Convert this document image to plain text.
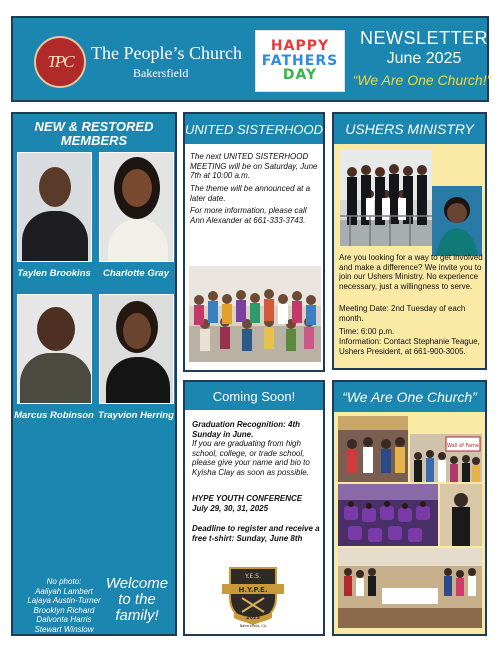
TPC The People’s Church
Bakersfield
HAPPY
FATHERS
DAY
NEWSLETTER
June 2025
“We Are One Church!”
NEW & RESTORED MEMBERS
Taylen Brookins	Charlotte Gray
Marcus Robinson Trayvion Herring
No photo:
Aaliyah Lambert
Lajaya Austin-Turner
Brooklyn Richard
Dalvonta Harris
Stewart Winslow
Welcome to the family!
UNITED SISTERHOOD
The next UNITED SISTERHOOD MEETING will be on Saturday, June 7th at 10:00 a.m.
The theme will be announced at a later date.
For more information, please call Ann Alexander at 661-333-3743.
USHERS MINISTRY
Are you looking for a way to get involved and make a difference? We invite you to join our Ushers Ministry. No experience necessary, just a willingness to serve.
Meeting Date: 2nd Tuesday of each month.
Time: 6:00 p.m.
Information: Contact Stephanie Teague, Ushers President, at 661-900-3005.
Coming Soon!
Graduation Recognition: 4th Sunday in June.
If you are graduating from high school, college, or trade school, please give your name and bio to Kyisha Clay as soon as possible.
HYPE YOUTH CONFERENCE
July 29, 30, 31, 2025
Deadline to register and receive a free t-shirt: Sunday, June 8th
Y.E.S.
H.Y.P.E.
2025
Bakersfield, CA
“We Are One Church”
Wall of Fame
